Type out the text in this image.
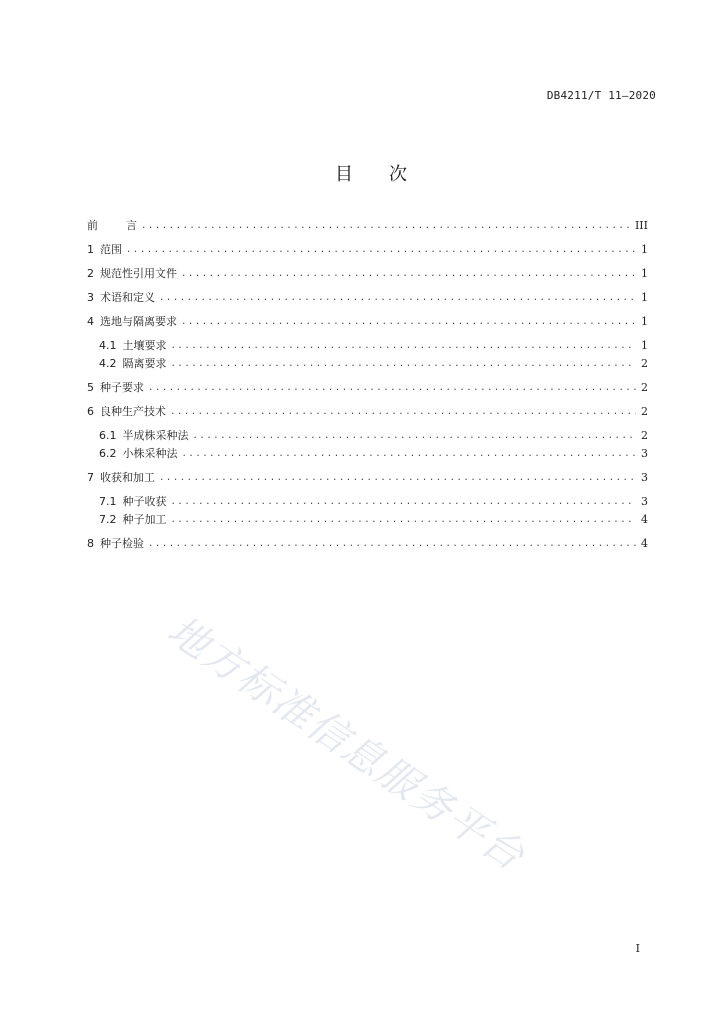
DB4211/T 11—2020
目 次
前	言 .....	III
1 范围 .....	1
2 规范性引用文件 .....	1
3 术语和定义 .....	1
4 选地与隔离要求 .....	1
4.1 土壤要求 .....	1
4.2 隔离要求 .....	2
5 种子要求 .....	2
6 良种生产技术 .....	2
6.1 半成株采种法 .....	2
6.2 小株采种法 .....	3
7 收获和加工 .....	3
7.1 种子收获 .....	3
7.2 种子加工 .....	4
8 种子检验 .....	4
地方标准信息服务平台
I
